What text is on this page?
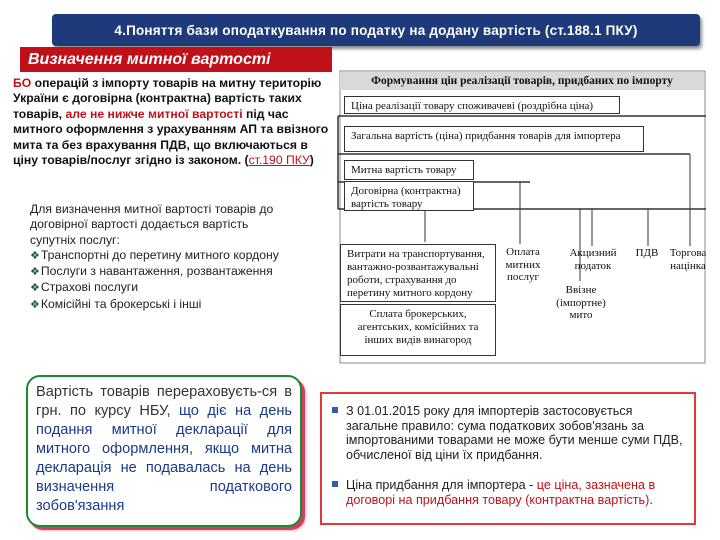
4.Поняття бази оподаткування по податку на додану вартість (ст.188.1 ПКУ)
Визначення митної вартості
БО операцій з імпорту товарів на митну територію України є договірна (контрактна) вартість таких товарів, але не нижче митної вартості під час митного оформлення з урахуванням АП та ввізного мита та без врахування ПДВ, що включаються в ціну товарів/послуг згідно із законом. (ст.190 ПКУ)
Для визначення митної вартості товарів до договірної вартості додається вартість супутніх послуг:
❖Транспортні до перетину митного кордону
❖Послуги з навантаження, розвантаження
❖Страхові послуги
❖Комісійні та брокерські і інші
Вартість товарів перераховуєть-ся в грн. по курсу НБУ, що діє на день подання митної декларації для митного оформлення, якщо митна декларація не подавалась на день визначення податкового зобов'язання
З 01.01.2015 року для імпортерів застосовується загальне правило: сума податкових зобов'язань за імпортованими товарами не може бути менше суми ПДВ, обчисленої від ціни їх придбання.
Ціна придбання для імпортера - це ціна, зазначена в договорі на придбання товару (контрактна вартість).
Формування цін реалізації товарів, придбаних по імпорту
Ціна реалізації товару споживачеві (роздрібна ціна)
Загальна вартість (ціна) придбання товарів для імпортера
Митна вартість товару
Договірна (контрактна) вартість товару
Витрати на транспортування, вантажно-розвантажувальні роботи, страхування до перетину митного кордону
Сплата брокерських, агентських, комісійних та інших видів винагород
Оплата митних послуг
Акцизний податок
ПДВ	Торгова націнка
Ввізне (імпортне) мито
